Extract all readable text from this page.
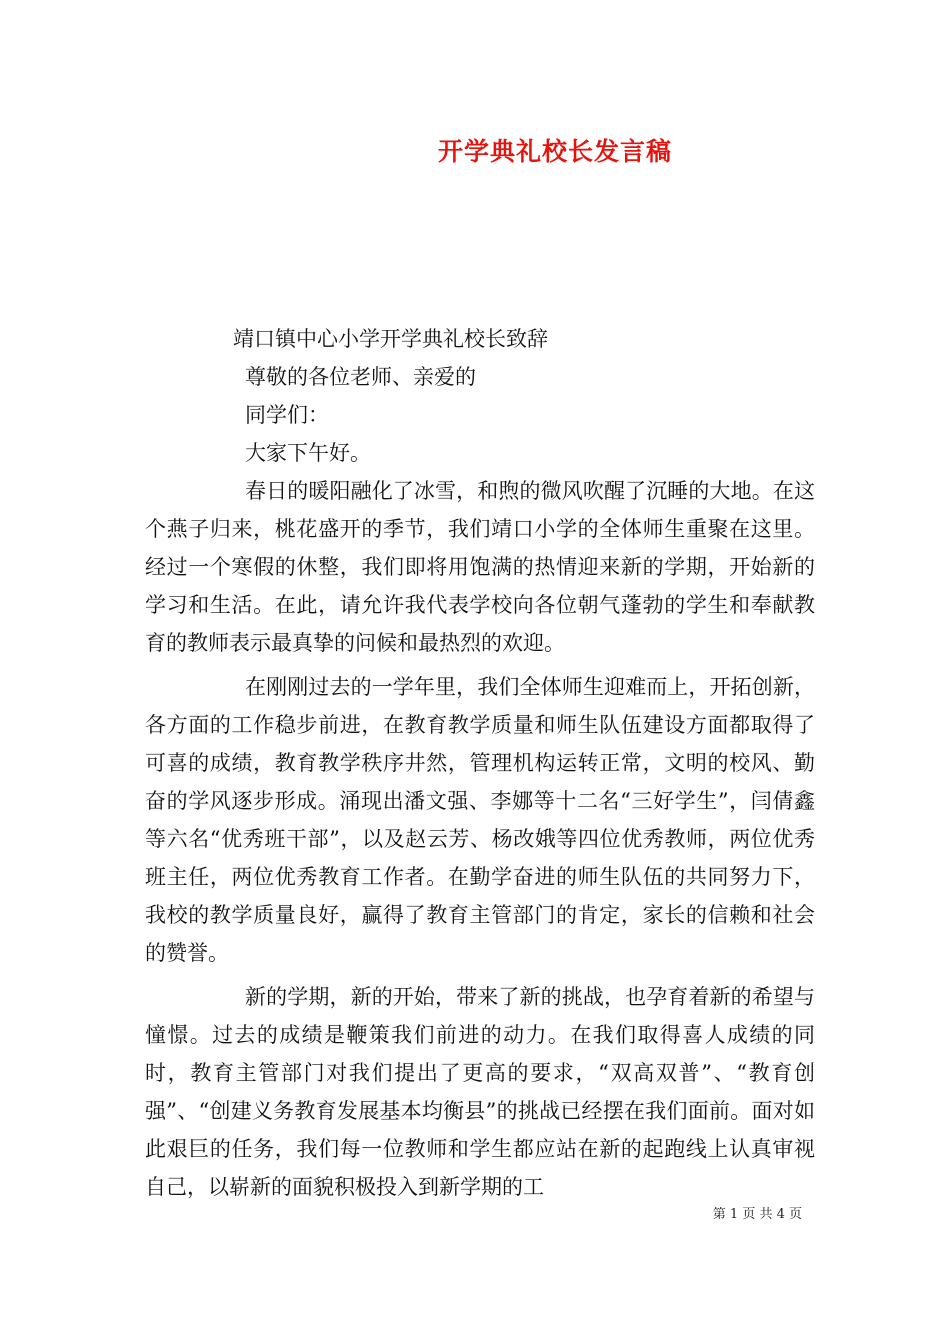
开学典礼校长发言稿

靖口镇中心小学开学典礼校长致辞

尊敬的各位老师、亲爱的

同学们：

大家下午好。

春日的暖阳融化了冰雪，和煦的微风吹醒了沉睡的大地。在这个燕子归来，桃花盛开的季节，我们靖口小学的全体师生重聚在这里。经过一个寒假的休整，我们即将用饱满的热情迎来新的学期，开始新的学习和生活。在此，请允许我代表学校向各位朝气蓬勃的学生和奉献教育的教师表示最真挚的问候和最热烈的欢迎。

在刚刚过去的一学年里，我们全体师生迎难而上，开拓创新，各方面的工作稳步前进，在教育教学质量和师生队伍建设方面都取得了可喜的成绩，教育教学秩序井然，管理机构运转正常，文明的校风、勤奋的学风逐步形成。涌现出潘文强、李娜等十二名“三好学生”，闫倩鑫等六名“优秀班干部”，以及赵云芳、杨改娥等四位优秀教师，两位优秀班主任，两位优秀教育工作者。在勤学奋进的师生队伍的共同努力下，我校的教学质量良好，赢得了教育主管部门的肯定，家长的信赖和社会的赞誉。

新的学期，新的开始，带来了新的挑战，也孕育着新的希望与憧憬。过去的成绩是鞭策我们前进的动力。在我们取得喜人成绩的同时，教育主管部门对我们提出了更高的要求，“双高双普”、“教育创强”、“创建义务教育发展基本均衡县”的挑战已经摆在我们面前。面对如此艰巨的任务，我们每一位教师和学生都应站在新的起跑线上认真审视自己，以崭新的面貌积极投入到新学期的工

第 1 页 共 4 页
